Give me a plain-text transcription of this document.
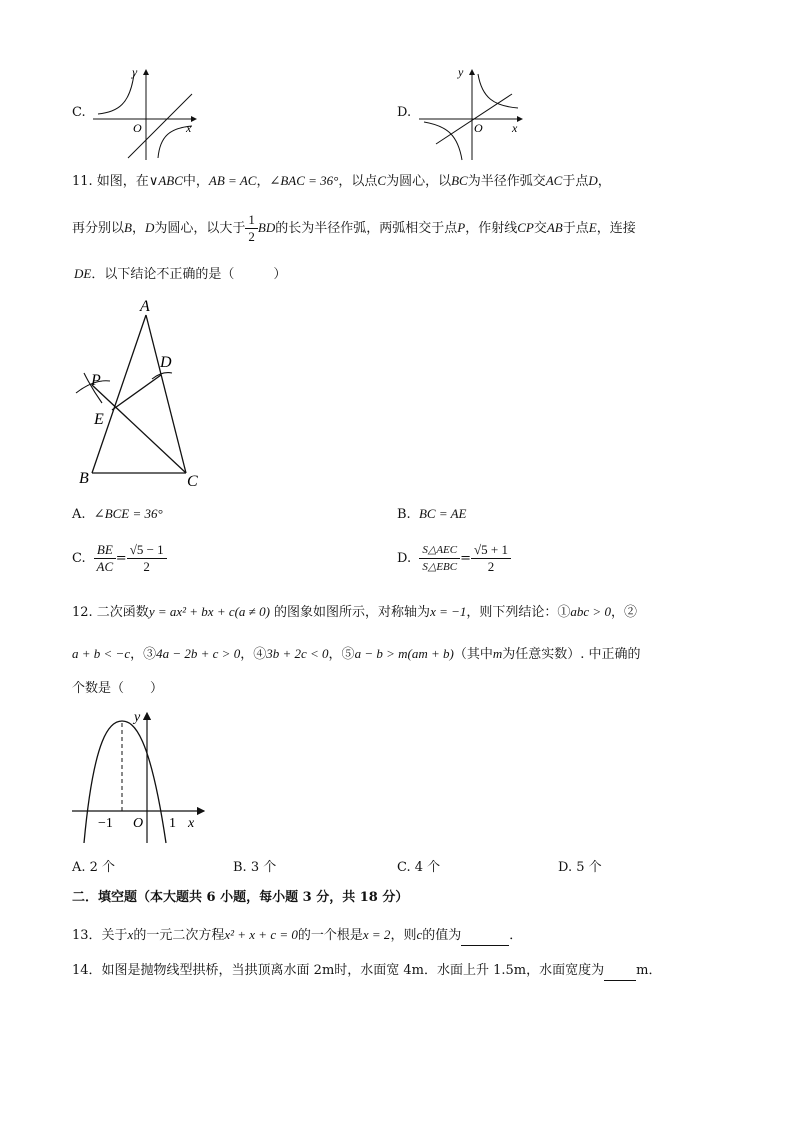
C.
y
O	x
D.
y
O x
11. 如图，在∨ABC中，AB = AC，∠BAC = 36°，以点C为圆心，以BC为半径作弧交AC于点D，
再分别以B，D为圆心，以大于 $\frac{1}{2}$ BD的长为半径作弧，两弧相交于点P，作射线CP交AB于点E，连接
DE．以下结论不正确的是（　　　）
A
D
P
E
B	C
A. ∠BCE = 36°	B. BC = AE
C. $\frac{BE}{AC} = \frac{√5 - 1}{2}$	D. $\frac{\text{S△AEC}}{\text{S△EBC}} = \frac{√5 + 1}{2}$
12. 二次函数y = ax² + bx + c(a ≠ 0) 的图象如图所示，对称轴为x = −1，则下列结论：①abc > 0，②
a + b < −c，③4a − 2b + c > 0，④3b + 2c < 0，⑤a − b > m(am + b)（其中m为任意实数）. 中正确的
个数是（　　）
y
x
O
−1	1
A. 2 个	B. 3 个	C. 4 个	D. 5 个
二．填空题（本大题共 6 小题，每小题 3 分，共 18 分）
13．关于x的一元二次方程x² + x + c = 0的一个根是x = 2，则c的值为	．
14．如图是抛物线型拱桥，当拱顶离水面 2m时，水面宽 4m．水面上升 1.5m，水面宽度为 m．
